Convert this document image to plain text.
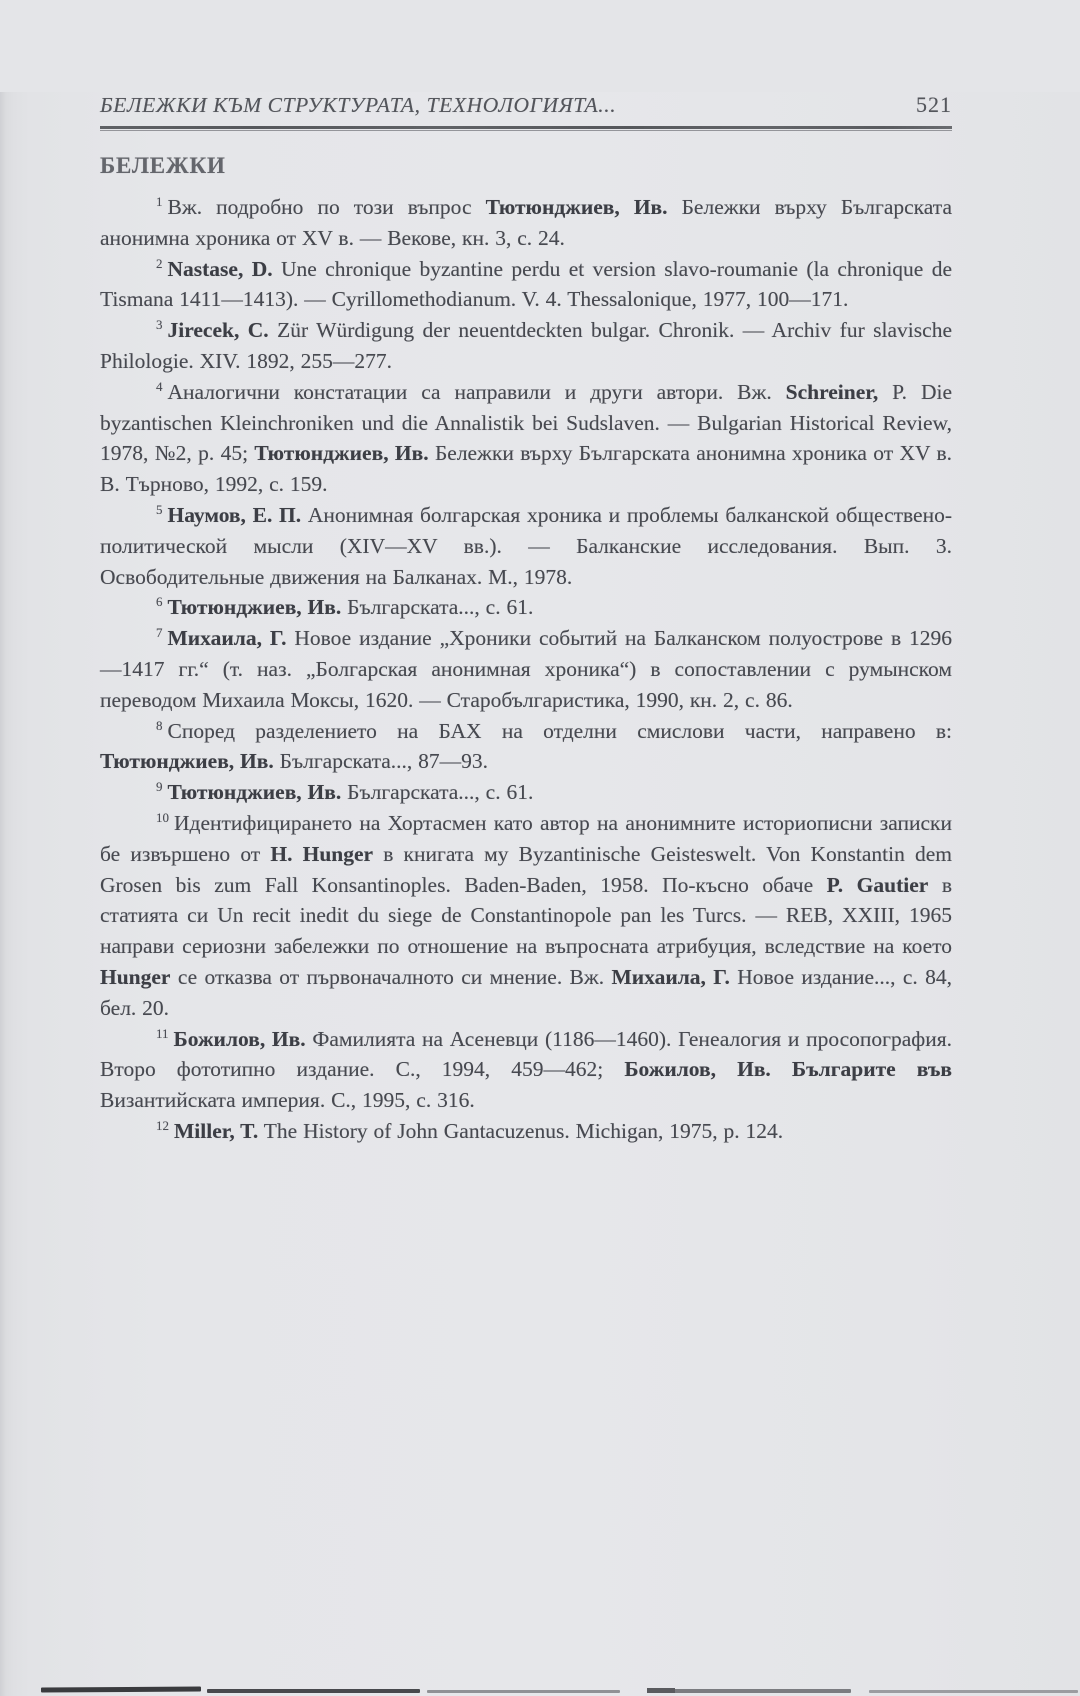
БЕЛЕЖКИ КЪМ СТРУКТУРАТА, ТЕХНОЛОГИЯТА...	521
БЕЛЕЖКИ

$^1$ Вж. подробно по този въпрос Тютюнджиев, Ив. Бележки върху Българската анонимна хроника от XV в. — Векове, кн. 3, с. 24.

$^2$ Nastase, D. Une chronique byzantine perdu et version slavo-roumanie (la chronique de Tismana 1411—1413). — Cyrillomethodianum. V. 4. Thessalonique, 1977, 100—171.

$^3$ Jirecek, C. Zür Würdigung der neuentdeckten bulgar. Chronik. — Archiv fur slavische Philologie. XIV. 1892, 255—277.

$^4$ Аналогични констатации са направили и други автори. Вж. Schreiner, P. Die byzantischen Kleinchroniken und die Annalistik bei Sudslaven. — Bulgarian Historical Review, 1978, №2, p. 45; Тютюнджиев, Ив. Бележки върху Българската анонимна хроника от XV в. В. Търново, 1992, с. 159.

$^5$ Наумов, Е. П. Анонимная болгарская хроника и проблемы балканской обществено-политической мысли (XIV—XV вв.). — Балканские исследования. Вып. 3. Освободительные движения на Балканах. М., 1978.

$^6$ Тютюнджиев, Ив. Българската..., с. 61.

$^7$ Михаила, Г. Новое издание „Хроники событий на Балканском полуострове в 1296—1417 гг.“ (т. наз. „Болгарская анонимная хроника“) в сопоставлении с румынском переводом Михаила Моксы, 1620. — Старобългаристика, 1990, кн. 2, с. 86.

$^8$ Според разделението на БАХ на отделни смислови части, направено в: Тютюнджиев, Ив. Българската..., 87—93.

$^9$ Тютюнджиев, Ив. Българската..., с. 61.

$^{10}$ Идентифицирането на Хортасмен като автор на анонимните историописни записки бе извършено от H. Hunger в книгата му Byzantinische Geisteswelt. Von Konstantin dem Grosen bis zum Fall Konsantinoples. Baden-Baden, 1958. По-късно обаче P. Gautier в статията си Un recit inedit du siege de Constantinopole pan les Turcs. — REB, XXIII, 1965 направи сериозни забележки по отношение на въпросната атрибуция, вследствие на което Hunger се отказва от първоначалното си мнение. Вж. Михаила, Г. Новое издание..., с. 84, бел. 20.

$^{11}$ Божилов, Ив. Фамилията на Асеневци (1186—1460). Генеалогия и просопография. Второ фототипно издание. С., 1994, 459—462; Божилов, Ив. Българите във Византийската империя. С., 1995, с. 316.

$^{12}$ Miller, T. The History of John Gantacuzenus. Michigan, 1975, p. 124.
